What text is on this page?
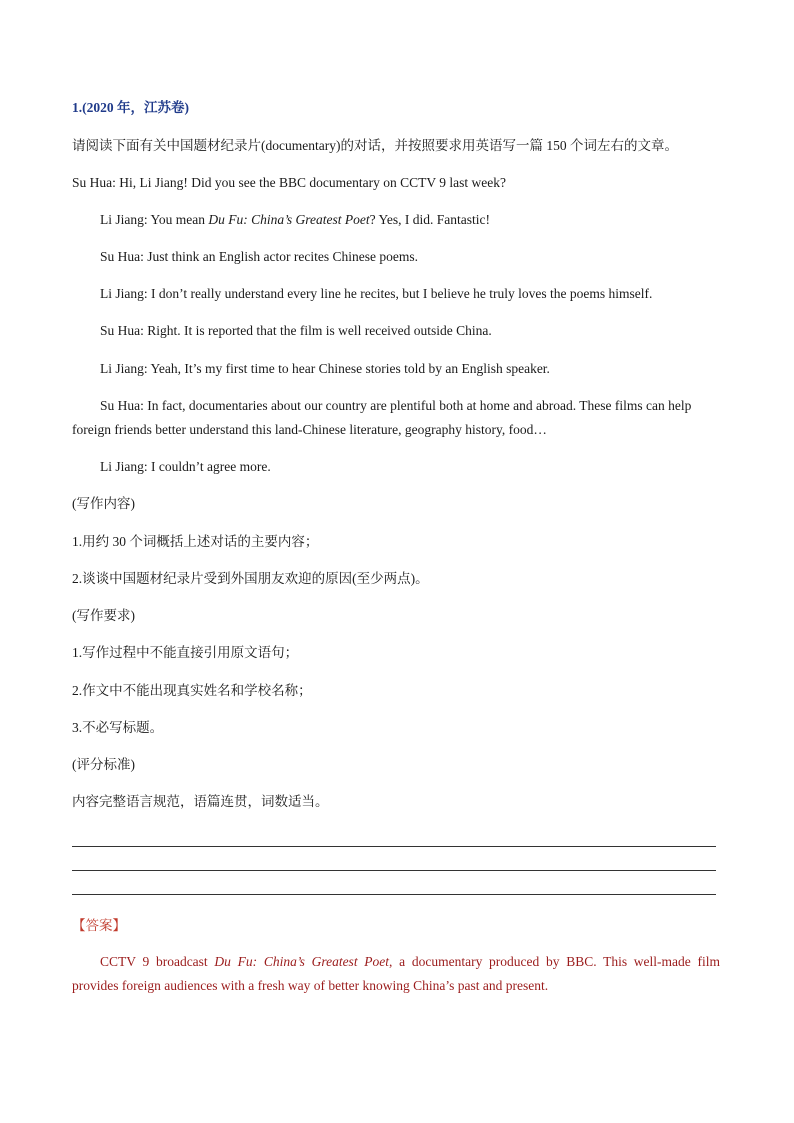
1.(2020 年，江苏卷)
请阅读下面有关中国题材纪录片(documentary)的对话，并按照要求用英语写一篇 150 个词左右的文章。
Su Hua: Hi, Li Jiang! Did you see the BBC documentary on CCTV 9 last week?
Li Jiang: You mean Du Fu: China’s Greatest Poet? Yes, I did. Fantastic!
Su Hua: Just think an English actor recites Chinese poems.
Li Jiang: I don’t really understand every line he recites, but I believe he truly loves the poems himself.
Su Hua: Right. It is reported that the film is well received outside China.
Li Jiang: Yeah, It’s my first time to hear Chinese stories told by an English speaker.
Su Hua: In fact, documentaries about our country are plentiful both at home and abroad. These films can help
foreign friends better understand this land-Chinese literature, geography history, food…
Li Jiang: I couldn’t agree more.
(写作内容)
1.用约 30 个词概括上述对话的主要内容；
2.谈谈中国题材纪录片受到外国朋友欢迎的原因(至少两点)。
(写作要求)
1.写作过程中不能直接引用原文语句；
2.作文中不能出现真实姓名和学校名称；
3.不必写标题。
(评分标准)
内容完整语言规范，语篇连贯，词数适当。
【答案】
CCTV 9 broadcast Du Fu: China’s Greatest Poet, a documentary produced by BBC. This well-made film
provides foreign audiences with a fresh way of better knowing China’s past and present.
